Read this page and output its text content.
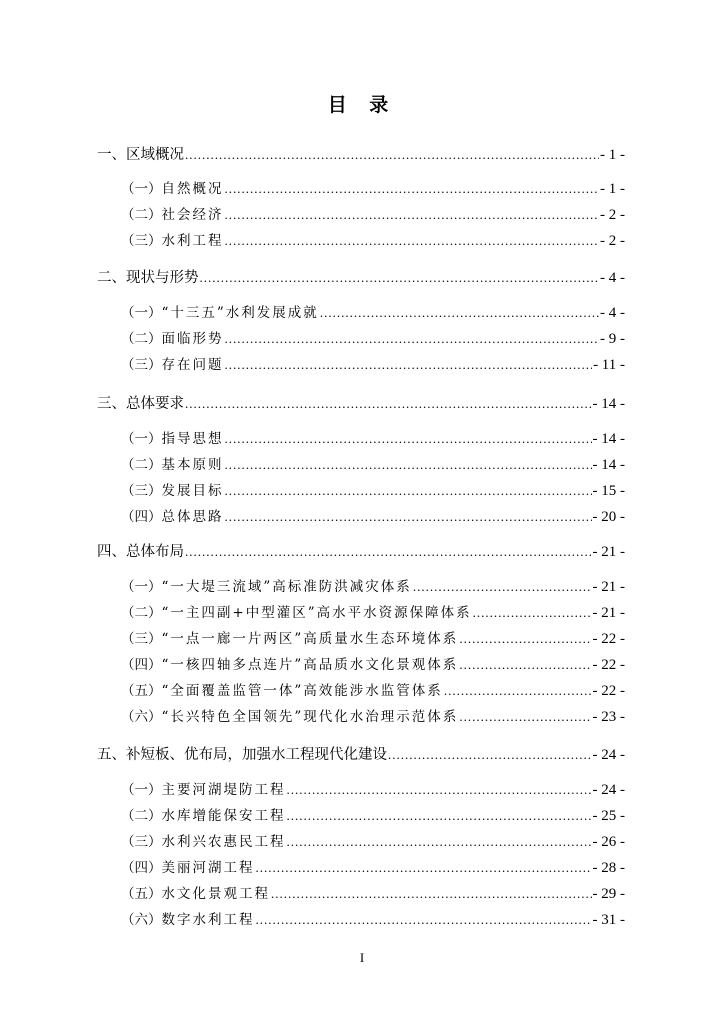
目 录
一、 区域概况 .....	- 1 -
（一） 自然概况 .....	- 1 -
（二） 社会经济 .....	- 2 -
（三） 水利工程 .....	- 2 -
二、 现状与形势 .....	- 4 -
（一） “十三五”水利发展成就 .....	- 4 -
（二） 面临形势 .....	- 9 -
（三） 存在问题 .....	- 11 -
三、 总体要求 .....	- 14 -
（一） 指导思想 .....	- 14 -
（二） 基本原则 .....	- 14 -
（三） 发展目标 .....	- 15 -
（四） 总体思路 .....	- 20 -
四、 总体布局 .....	- 21 -
（一） “一大堤三流域”高标准防洪减灾体系 .....	- 21 -
（二） “一主四副+中型灌区”高水平水资源保障体系 .....	- 21 -
（三） “一点一廊一片两区”高质量水生态环境体系 .....	- 22 -
（四） “一核四轴多点连片”高品质水文化景观体系 .....	- 22 -
（五） “全面覆盖监管一体”高效能涉水监管体系 .....	- 22 -
（六） “长兴特色全国领先”现代化水治理示范体系 .....	- 23 -
五、 补短板、优布局，加强水工程现代化建设 .....	- 24 -
（一） 主要河湖堤防工程 .....	- 24 -
（二） 水库增能保安工程 .....	- 25 -
（三） 水利兴农惠民工程 .....	- 26 -
（四） 美丽河湖工程 .....	- 28 -
（五） 水文化景观工程 .....	- 29 -
（六） 数字水利工程 .....	- 31 -
I
